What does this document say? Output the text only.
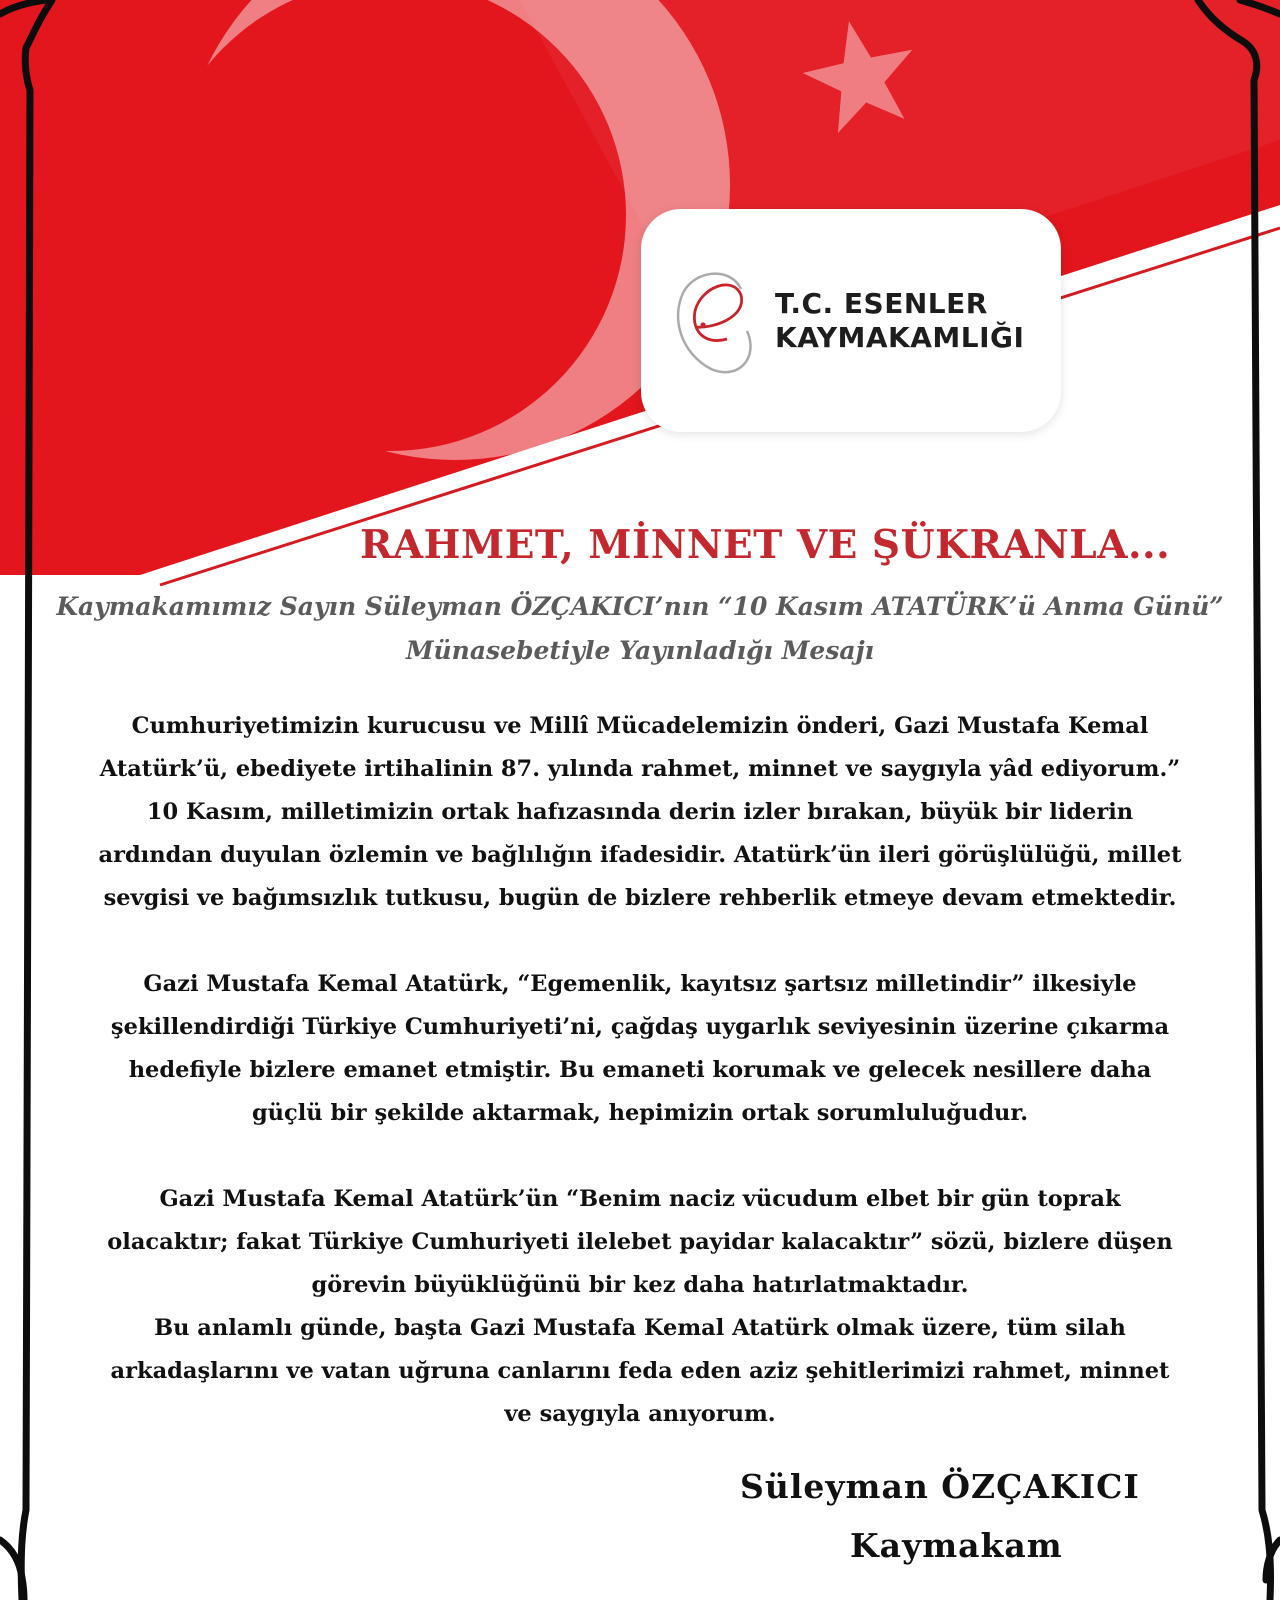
T.C. ESENLER
KAYMAKAMLIĞI
RAHMET, MİNNET VE ŞÜKRANLA...
Kaymakamımız Sayın Süleyman ÖZÇAKICI’nın “10 Kasım ATATÜRK’ü Anma Günü” Münasebetiyle Yayınladığı Mesajı

Cumhuriyetimizin kurucusu ve Millî Mücadelemizin önderi, Gazi Mustafa Kemal
Atatürk’ü, ebediyete irtihalinin 87. yılında rahmet, minnet ve saygıyla yâd ediyorum.”
10 Kasım, milletimizin ortak hafızasında derin izler bırakan, büyük bir liderin
ardından duyulan özlemin ve bağlılığın ifadesidir. Atatürk’ün ileri görüşlülüğü, millet
sevgisi ve bağımsızlık tutkusu, bugün de bizlere rehberlik etmeye devam etmektedir.

Gazi Mustafa Kemal Atatürk, “Egemenlik, kayıtsız şartsız milletindir” ilkesiyle
şekillendirdiği Türkiye Cumhuriyeti’ni, çağdaş uygarlık seviyesinin üzerine çıkarma
hedefiyle bizlere emanet etmiştir. Bu emaneti korumak ve gelecek nesillere daha
güçlü bir şekilde aktarmak, hepimizin ortak sorumluluğudur.

Gazi Mustafa Kemal Atatürk’ün “Benim naciz vücudum elbet bir gün toprak
olacaktır; fakat Türkiye Cumhuriyeti ilelebet payidar kalacaktır” sözü, bizlere düşen
görevin büyüklüğünü bir kez daha hatırlatmaktadır.
Bu anlamlı günde, başta Gazi Mustafa Kemal Atatürk olmak üzere, tüm silah
arkadaşlarını ve vatan uğruna canlarını feda eden aziz şehitlerimizi rahmet, minnet
ve saygıyla anıyorum.

Süleyman ÖZÇAKICI
Kaymakam
